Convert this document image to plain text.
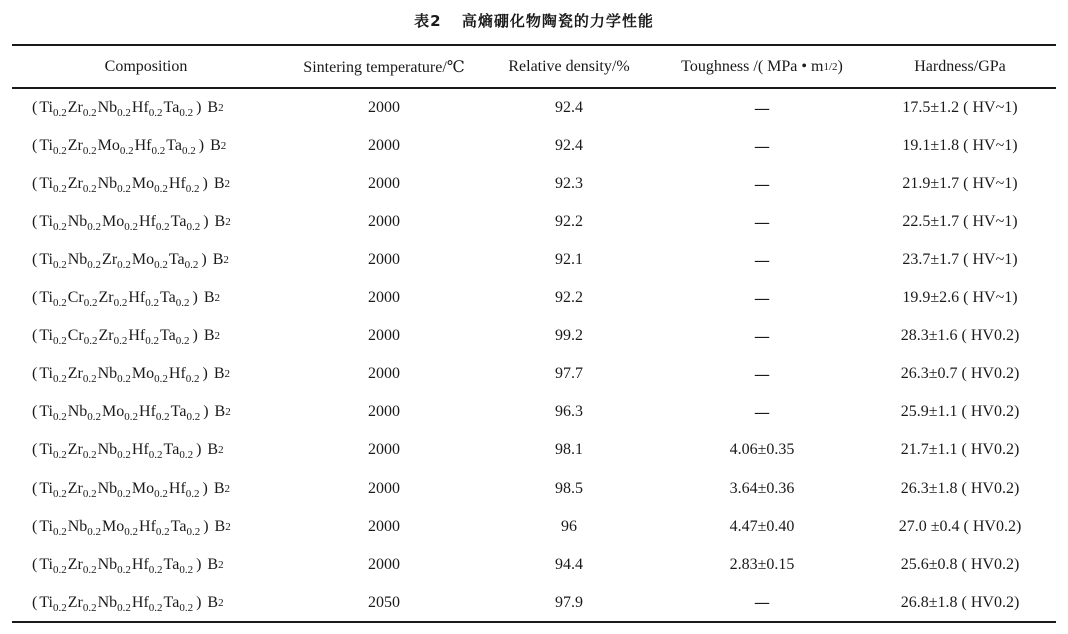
表2 高熵硼化物陶瓷的力学性能
Composition	Sintering temperature/℃	Relative density/%	Toughness /( MPa • m 1/2 )	Hardness/GPa
( $Ti_{0.2}$ $Zr_{0.2}$ $Nb_{0.2}$ $Hf_{0.2}$ $Ta_{0.2}$ ) B 2	2000	92.4	—	17.5±1.2 ( HV~1)
( $Ti_{0.2}$ $Zr_{0.2}$ $Mo_{0.2}$ $Hf_{0.2}$ $Ta_{0.2}$ ) B 2	2000	92.4	—	19.1±1.8 ( HV~1)
( $Ti_{0.2}$ $Zr_{0.2}$ $Nb_{0.2}$ $Mo_{0.2}$ $Hf_{0.2}$ ) B 2	2000	92.3	—	21.9±1.7 ( HV~1)
( $Ti_{0.2}$ $Nb_{0.2}$ $Mo_{0.2}$ $Hf_{0.2}$ $Ta_{0.2}$ ) B 2	2000	92.2	—	22.5±1.7 ( HV~1)
( $Ti_{0.2}$ $Nb_{0.2}$ $Zr_{0.2}$ $Mo_{0.2}$ $Ta_{0.2}$ ) B 2	2000	92.1	—	23.7±1.7 ( HV~1)
( $Ti_{0.2}$ $Cr_{0.2}$ $Zr_{0.2}$ $Hf_{0.2}$ $Ta_{0.2}$ ) B 2	2000	92.2	—	19.9±2.6 ( HV~1)
( $Ti_{0.2}$ $Cr_{0.2}$ $Zr_{0.2}$ $Hf_{0.2}$ $Ta_{0.2}$ ) B 2	2000	99.2	—	28.3±1.6 ( HV0.2)
( $Ti_{0.2}$ $Zr_{0.2}$ $Nb_{0.2}$ $Mo_{0.2}$ $Hf_{0.2}$ ) B 2	2000	97.7	—	26.3±0.7 ( HV0.2)
( $Ti_{0.2}$ $Nb_{0.2}$ $Mo_{0.2}$ $Hf_{0.2}$ $Ta_{0.2}$ ) B 2	2000	96.3	—	25.9±1.1 ( HV0.2)
( $Ti_{0.2}$ $Zr_{0.2}$ $Nb_{0.2}$ $Hf_{0.2}$ $Ta_{0.2}$ ) B 2	2000	98.1	4.06±0.35	21.7±1.1 ( HV0.2)
( $Ti_{0.2}$ $Zr_{0.2}$ $Nb_{0.2}$ $Mo_{0.2}$ $Hf_{0.2}$ ) B 2	2000	98.5	3.64±0.36	26.3±1.8 ( HV0.2)
( $Ti_{0.2}$ $Nb_{0.2}$ $Mo_{0.2}$ $Hf_{0.2}$ $Ta_{0.2}$ ) B 2	2000	96	4.47±0.40	27.0 ±0.4 ( HV0.2)
( $Ti_{0.2}$ $Zr_{0.2}$ $Nb_{0.2}$ $Hf_{0.2}$ $Ta_{0.2}$ ) B 2	2000	94.4	2.83±0.15	25.6±0.8 ( HV0.2)
( $Ti_{0.2}$ $Zr_{0.2}$ $Nb_{0.2}$ $Hf_{0.2}$ $Ta_{0.2}$ ) B 2	2050	97.9	—	26.8±1.8 ( HV0.2)
